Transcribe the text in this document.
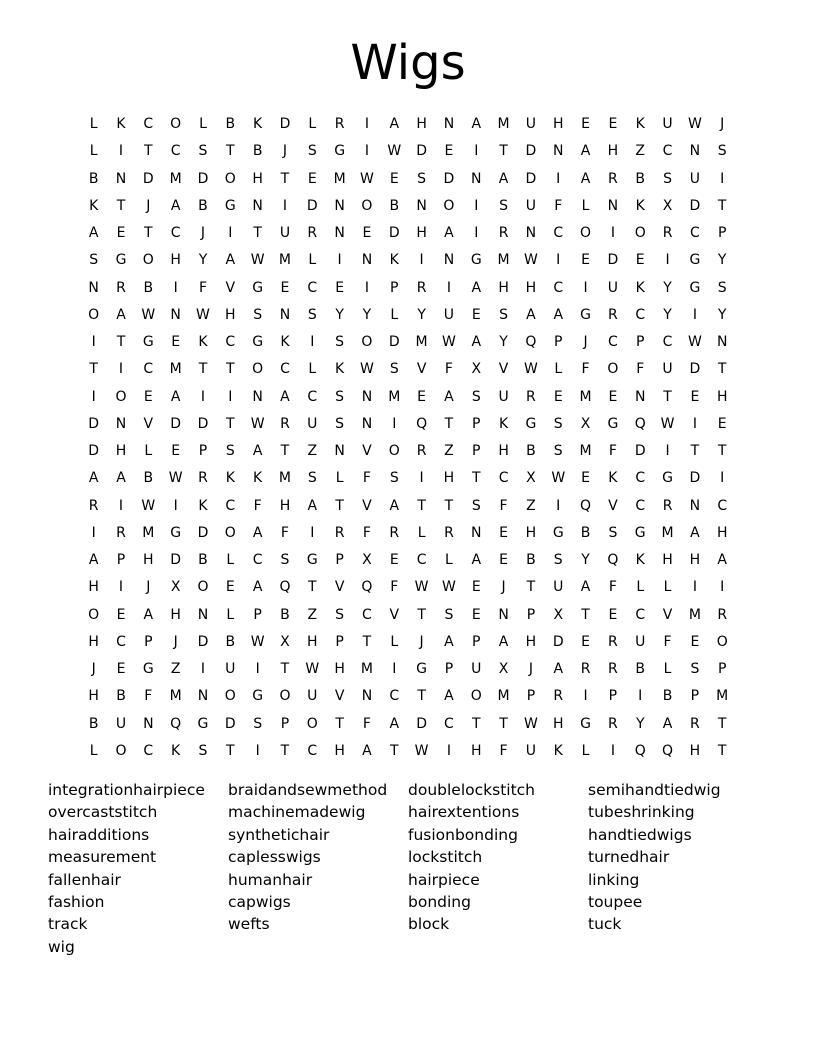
Wigs
L	K	C	O	L	B	K	D	L	R	I	A	H	N	A	M	U	H	E	E	K	U	W	J
L	I	T	C	S	T	B	J	S	G	I	W	D	E	I	T	D	N	A	H	Z	C	N	S
B	N	D	M	D	O	H	T	E	M	W	E	S	D	N	A	D	I	A	R	B	S	U	I
K	T	J	A	B	G	N	I	D	N	O	B	N	O	I	S	U	F	L	N	K	X	D	T
A	E	T	C	J	I	T	U	R	N	E	D	H	A	I	R	N	C	O	I	O	R	C	P
S	G	O	H	Y	A	W	M	L	I	N	K	I	N	G	M	W	I	E	D	E	I	G	Y
N	R	B	I	F	V	G	E	C	E	I	P	R	I	A	H	H	C	I	U	K	Y	G	S
O	A	W	N	W	H	S	N	S	Y	Y	L	Y	U	E	S	A	A	G	R	C	Y	I	Y
I	T	G	E	K	C	G	K	I	S	O	D	M	W	A	Y	Q	P	J	C	P	C	W	N
T	I	C	M	T	T	O	C	L	K	W	S	V	F	X	V	W	L	F	O	F	U	D	T
I	O	E	A	I	I	N	A	C	S	N	M	E	A	S	U	R	E	M	E	N	T	E	H
D	N	V	D	D	T	W	R	U	S	N	I	Q	T	P	K	G	S	X	G	Q	W	I	E
D	H	L	E	P	S	A	T	Z	N	V	O	R	Z	P	H	B	S	M	F	D	I	T	T
A	A	B	W	R	K	K	M	S	L	F	S	I	H	T	C	X	W	E	K	C	G	D	I
R	I	W	I	K	C	F	H	A	T	V	A	T	T	S	F	Z	I	Q	V	C	R	N	C
I	R	M	G	D	O	A	F	I	R	F	R	L	R	N	E	H	G	B	S	G	M	A	H
A	P	H	D	B	L	C	S	G	P	X	E	C	L	A	E	B	S	Y	Q	K	H	H	A
H	I	J	X	O	E	A	Q	T	V	Q	F	W W	E	J	T	U	A	F	L	L	I	I
O	E	A	H	N	L	P	B	Z	S	C	V	T	S	E	N	P	X	T	E	C	V	M	R
H	C	P	J	D	B	W	X	H	P	T	L	J	A	P	A	H	D	E	R	U	F	E	O
J	E	G	Z	I	U	I	T	W	H	M	I	G	P	U	X	J	A	R	R	B	L	S	P
H	B	F	M	N	O	G	O	U	V	N	C	T	A	O	M	P	R	I	P	I	B	P	M
B	U	N	Q	G	D	S	P	O	T	F	A	D	C	T	T	W	H	G	R	Y	A	R	T
L	O	C	K	S	T	I	T	C	H	A	T	W	I	H	F	U	K	L	I	Q	Q	H	T
integrationhairpiece
overcaststitch
hairadditions
measurement
fallenhair
fashion
track
wig
braidandsewmethod
machinemadewig
synthetichair
caplesswigs
humanhair
capwigs
wefts
doublelockstitch
hairextentions
fusionbonding
lockstitch
hairpiece
bonding
block
semihandtiedwig
tubeshrinking
handtiedwigs
turnedhair
linking
toupee
tuck
